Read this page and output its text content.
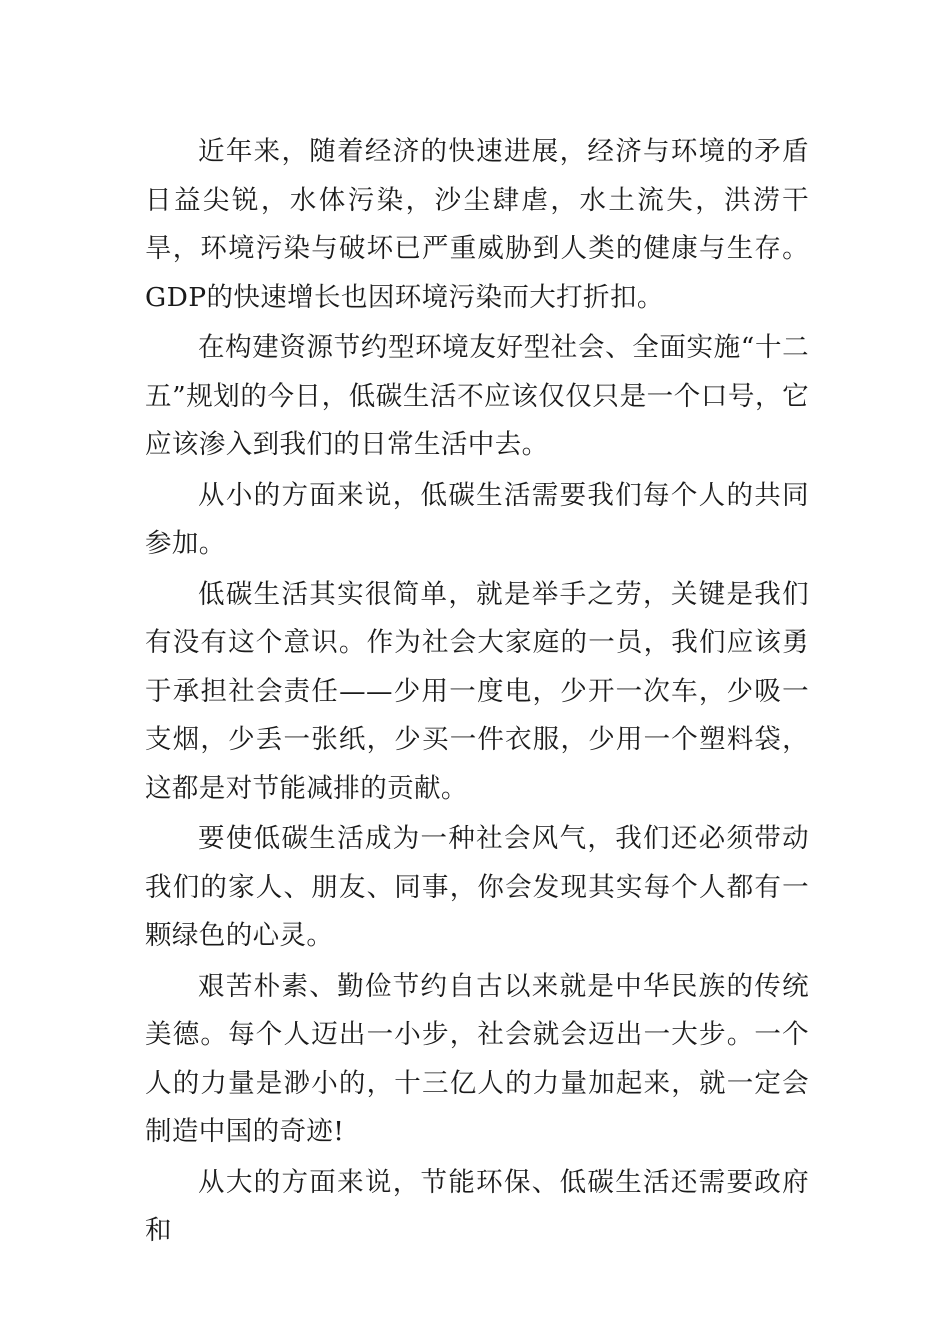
近年来，随着经济的快速进展，经济与环境的矛盾日益尖锐，水体污染，沙尘肆虐，水土流失，洪涝干旱，环境污染与破坏已严重威胁到人类的健康与生存。GDP的快速增长也因环境污染而大打折扣。

在构建资源节约型环境友好型社会、全面实施“十二五”规划的今日，低碳生活不应该仅仅只是一个口号，它应该渗入到我们的日常生活中去。

从小的方面来说，低碳生活需要我们每个人的共同参加。

低碳生活其实很简单，就是举手之劳，关键是我们有没有这个意识。作为社会大家庭的一员，我们应该勇于承担社会责任——少用一度电，少开一次车，少吸一支烟，少丢一张纸，少买一件衣服，少用一个塑料袋，这都是对节能减排的贡献。

要使低碳生活成为一种社会风气，我们还必须带动我们的家人、朋友、同事，你会发现其实每个人都有一颗绿色的心灵。

艰苦朴素、勤俭节约自古以来就是中华民族的传统美德。每个人迈出一小步，社会就会迈出一大步。一个人的力量是渺小的，十三亿人的力量加起来，就一定会制造中国的奇迹!

从大的方面来说，节能环保、低碳生活还需要政府和
